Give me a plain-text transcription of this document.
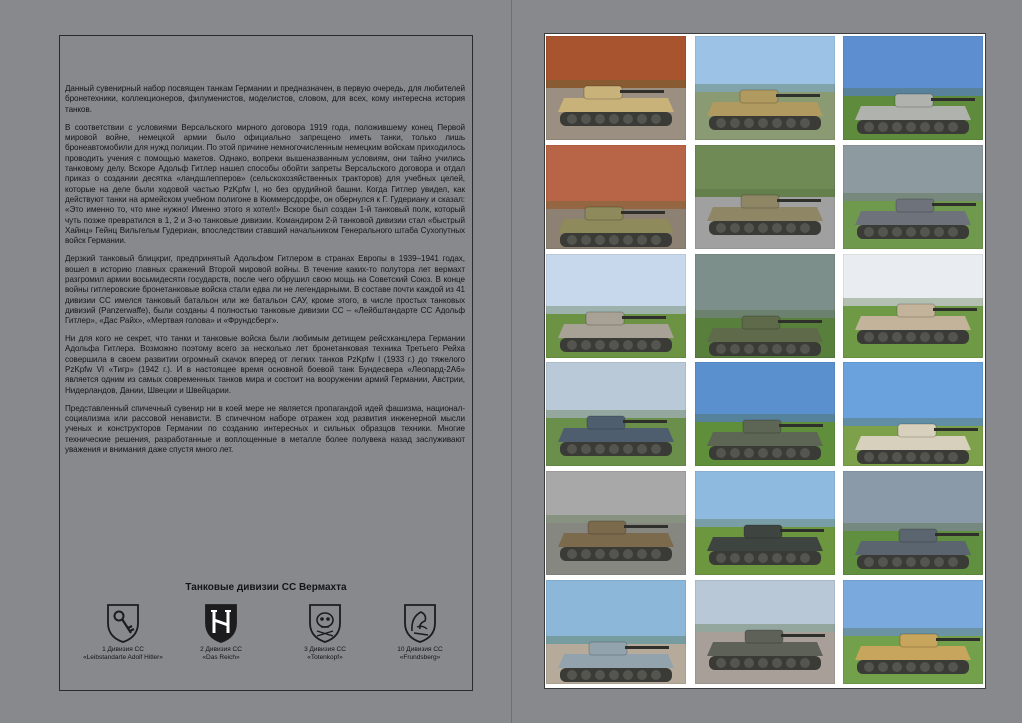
Данный сувенирный набор посвящен танкам Германии и предназначен, в первую очередь, для любителей бронетехники, коллекционеров, филуменистов, моделистов, словом, для всех, кому интересна история танков.

В соответствии с условиями Версальского мирного договора 1919 года, положившему конец Первой мировой войне, немецкой армии было официально запрещено иметь танки, только лишь бронеавтомобили для нужд полиции. По этой причине немногочисленным немецким войскам приходилось проводить учения с помощью макетов. Однако, вопреки вышеназванным условиям, они тайно учились танковому делу. Вскоре Адольф Гитлер нашел способы обойти запреты Версальского договора и отдал приказ о создании десятка «ландшлепперов» (сельскохозяйственных тракторов) для учебных целей, которые на деле были ходовой частью PzKpfw I, но без орудийной башни. Когда Гитлер увидел, как действуют танки на армейском учебном полигоне в Кюммерсдорфе, он обернулся к Г. Гудериану и сказал: «Это именно то, что мне нужно! Именно этого я хотел!» Вскоре был создан 1-й танковый полк, который чуть позже превратился в 1, 2 и 3-ю танковые дивизии. Командиром 2-й танковой дивизии стал «быстрый Хайнц» Гейнц Вильгельм Гудериан, впоследствии ставший начальником Генерального штаба Сухопутных войск Германии.

Дерзкий танковый блицкриг, предпринятый Адольфом Гитлером в странах Европы в 1939–1941 годах, вошел в историю главных сражений Второй мировой войны. В течение каких-то полутора лет вермахт разгромил армии восьмидесяти государств, после чего обрушил свою мощь на Советский Союз. В конце войны гитлеровские бронетанковые войска стали едва ли не легендарными. В составе почти каждой из 41 дивизии СС имелся танковый батальон или же батальон САУ, кроме этого, в числе простых танковых дивизий (Panzerwaffe), были созданы 4 полностью танковые дивизии СС – «Лейбштандарте СС Адольф Гитлер», «Дас Райх», «Мертвая голова» и «Фрундсберг».

Ни для кого не секрет, что танки и танковые войска были любимым детищем рейсхканцлера Германии Адольфа Гитлера. Возможно поэтому всего за несколько лет бронетанковая техника Третьего Рейха совершила в своем развитии огромный скачок вперед от легких танков PzKpfw I (1933 г.) до тяжелого PzKpfw VI «Тигр» (1942 г.). И в настоящее время основной боевой танк Бундесвера «Леопард-2А6» является одним из самых современных танков мира и состоит на вооружении армий Германии, Австрии, Нидерландов, Дании, Швеции и Швейцарии.

Представленный спичечный сувенир ни в коей мере не является пропагандой идей фашизма, национал-социализма или рассовой ненависти. В спичечном наборе отражен ход развития инженерной мысли ученых и конструкторов Германии по созданию интересных и сильных образцов техники. Многие технические решения, разработанные и воплощенные в металле более полувека назад заслуживают уважения и внимания даже спустя много лет.

Танковые дивизии СС Вермахта
1 Дивизия СС
«Leibstandarte Adolf Hitler»
2 Дивизия СС
«Das Reich»
3 Дивизия СС
«Totenkopf»
10 Дивизия СС
«Frundsberg»
